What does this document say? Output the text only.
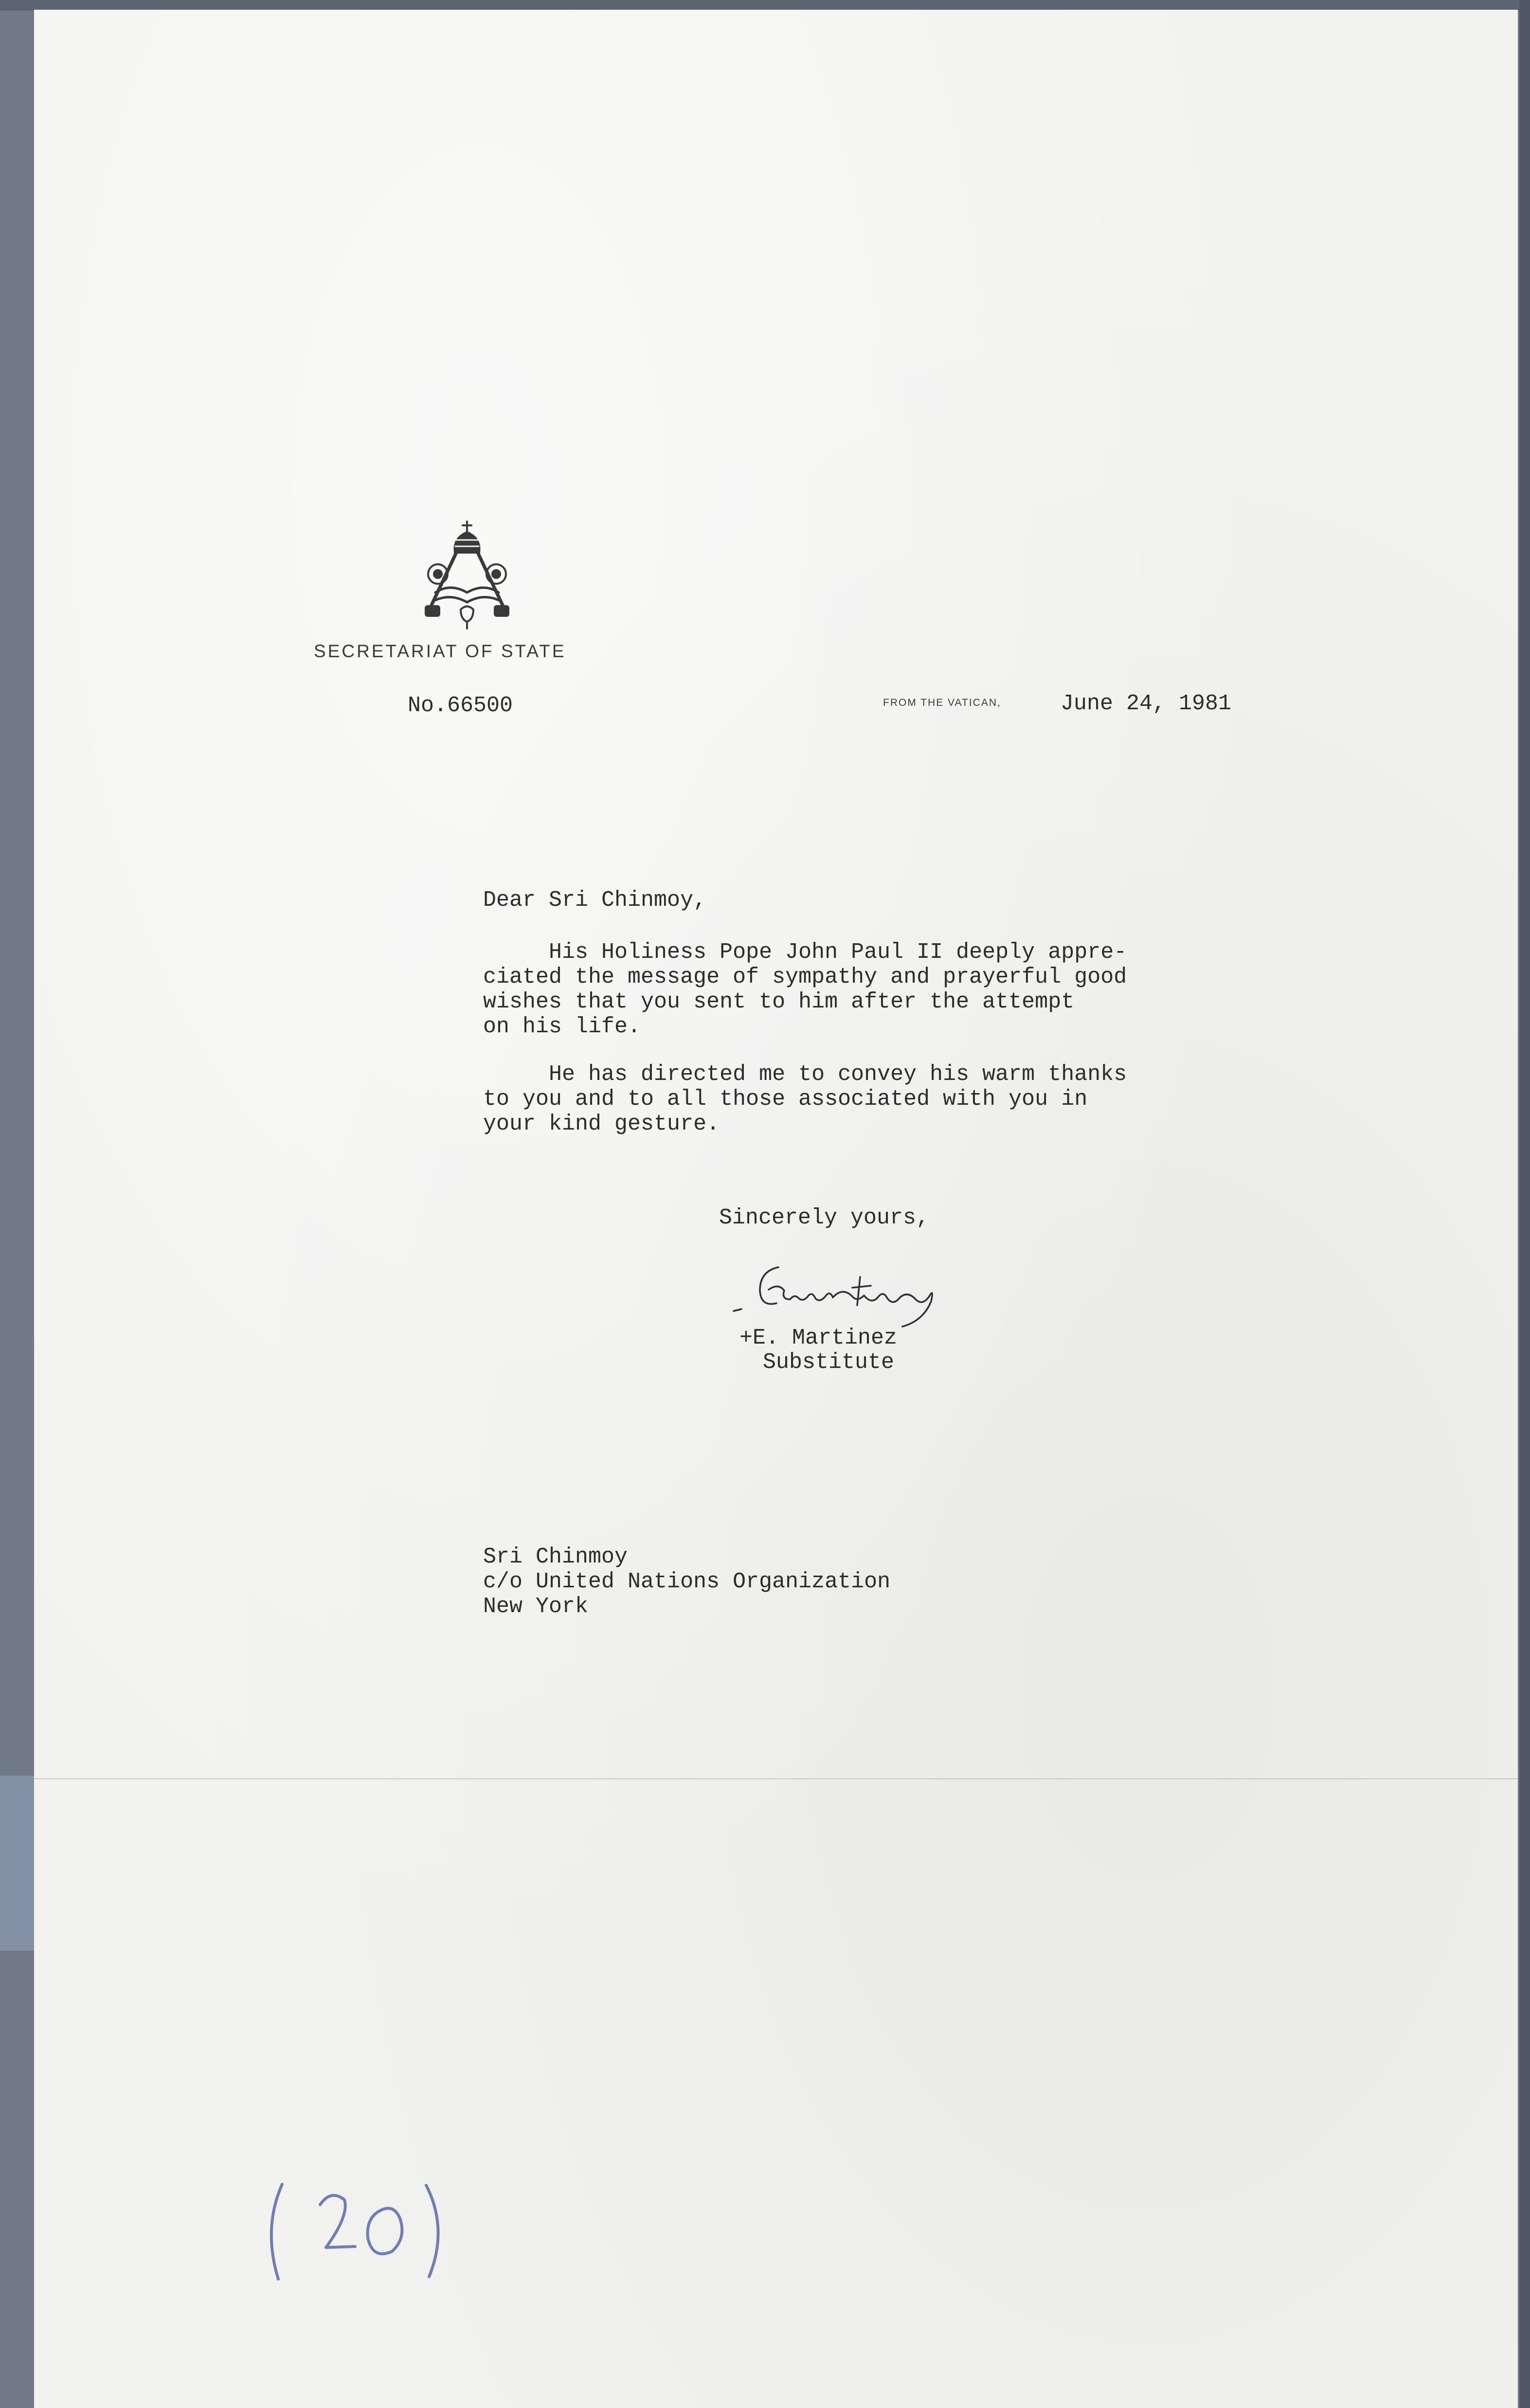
SECRETARIAT OF STATE
No.66500	FROM THE VATICAN,	June 24, 1981
Dear Sri Chinmoy,
His Holiness Pope John Paul II deeply appre-
ciated the message of sympathy and prayerful good
wishes that you sent to him after the attempt
on his life.
He has directed me to convey his warm thanks
to you and to all those associated with you in
your kind gesture.
Sincerely yours,
+E. Martinez
Substitute
Sri Chinmoy
c/o United Nations Organization
New York
